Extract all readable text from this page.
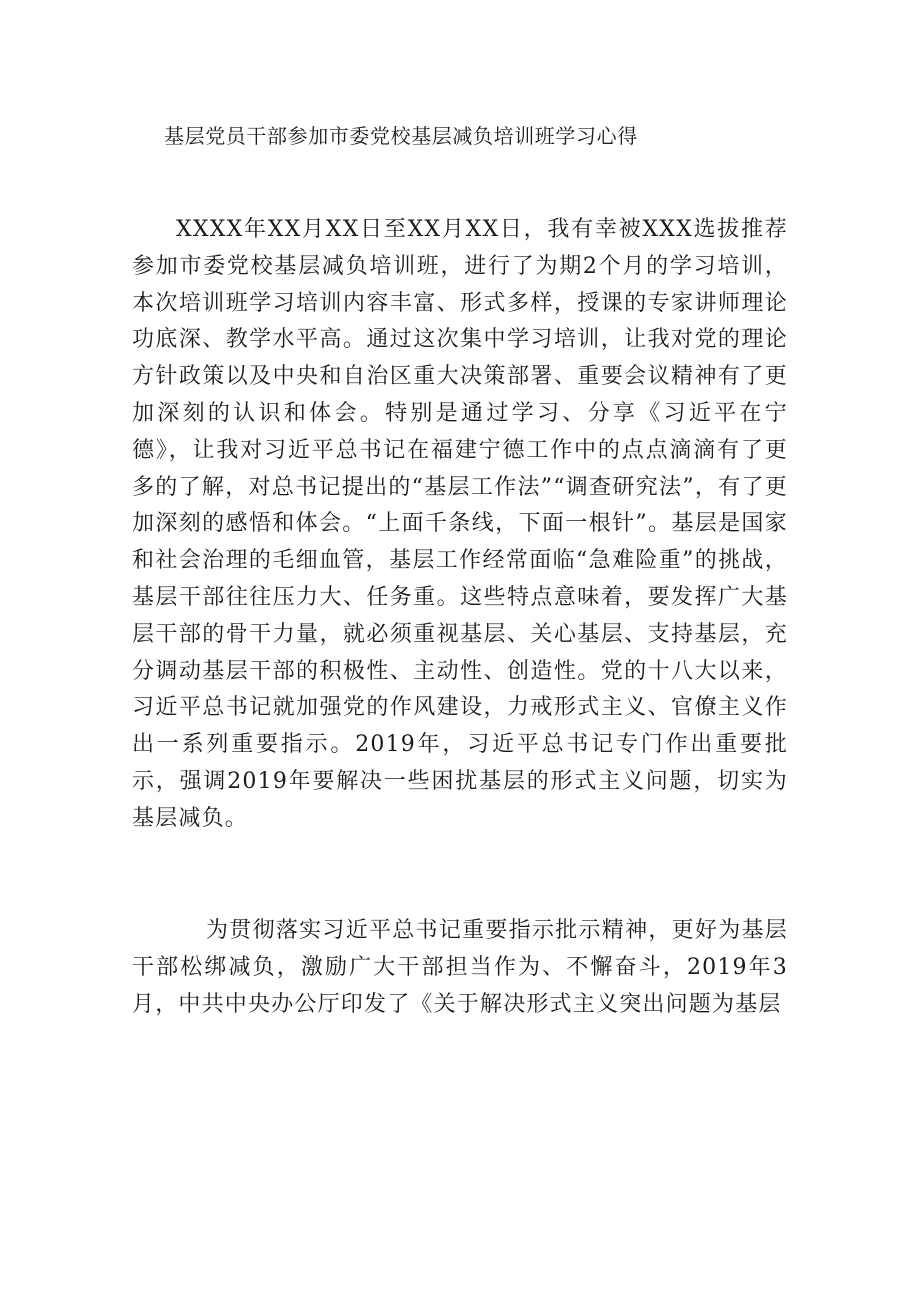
基层党员干部参加市委党校基层减负培训班学习心得

XXXX年XX月XX日至XX月XX日，我有幸被XXX选拔推荐参加市委党校基层减负培训班，进行了为期2个月的学习培训，本次培训班学习培训内容丰富、形式多样，授课的专家讲师理论功底深、教学水平高。通过这次集中学习培训，让我对党的理论方针政策以及中央和自治区重大决策部署、重要会议精神有了更加深刻的认识和体会。特别是通过学习、分享《习近平在宁德》，让我对习近平总书记在福建宁德工作中的点点滴滴有了更多的了解，对总书记提出的“基层工作法”“调查研究法”，有了更加深刻的感悟和体会。“上面千条线，下面一根针”。基层是国家和社会治理的毛细血管，基层工作经常面临“急难险重”的挑战，基层干部往往压力大、任务重。这些特点意味着，要发挥广大基层干部的骨干力量，就必须重视基层、关心基层、支持基层，充分调动基层干部的积极性、主动性、创造性。党的十八大以来，习近平总书记就加强党的作风建设，力戒形式主义、官僚主义作出一系列重要指示。2019年，习近平总书记专门作出重要批示，强调2019年要解决一些困扰基层的形式主义问题，切实为基层减负。

为贯彻落实习近平总书记重要指示批示精神，更好为基层干部松绑减负，激励广大干部担当作为、不懈奋斗，2019年3月，中共中央办公厅印发了《关于解决形式主义突出问题为基层
